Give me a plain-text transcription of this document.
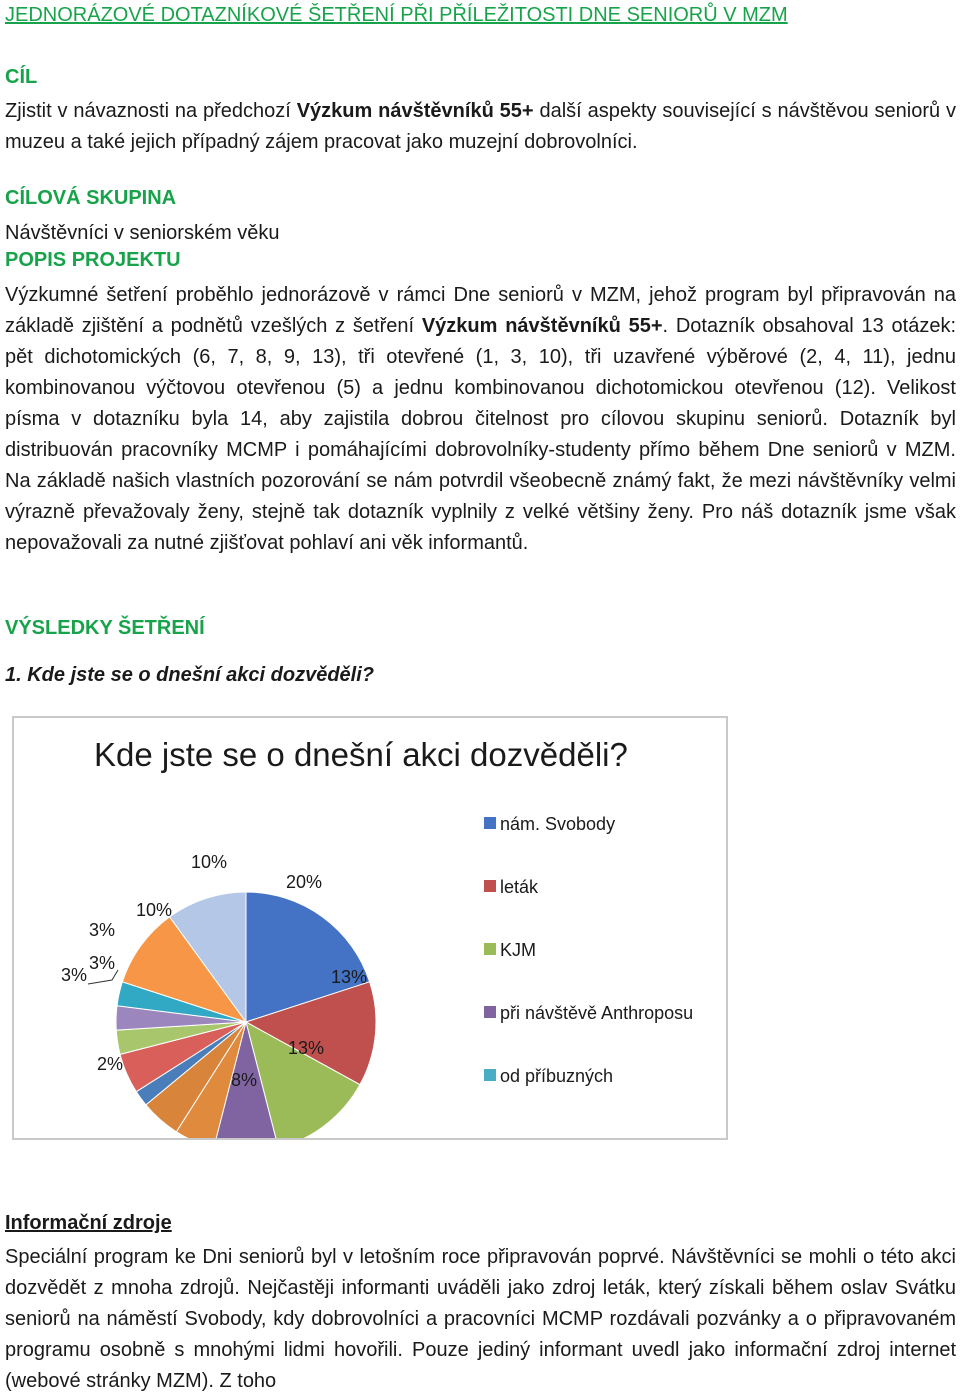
JEDNORÁZOVÉ DOTAZNÍKOVÉ ŠETŘENÍ PŘI PŘÍLEŽITOSTI DNE SENIORŮ V MZM
CÍL

Zjistit v návaznosti na předchozí Výzkum návštěvníků 55+ další aspekty související s návštěvou seniorů v muzeu a také jejich případný zájem pracovat jako muzejní dobrovolníci.

CÍLOVÁ SKUPINA

Návštěvníci v seniorském věku

POPIS PROJEKTU

Výzkumné šetření proběhlo jednorázově v rámci Dne seniorů v MZM, jehož program byl připravován na základě zjištění a podnětů vzešlých z šetření Výzkum návštěvníků 55+. Dotazník obsahoval 13 otázek: pět dichotomických (6, 7, 8, 9, 13), tři otevřené (1, 3, 10), tři uzavřené výběrové (2, 4, 11), jednu kombinovanou výčtovou otevřenou (5) a jednu kombinovanou dichotomickou otevřenou (12). Velikost písma v dotazníku byla 14, aby zajistila dobrou čitelnost pro cílovou skupinu seniorů. Dotazník byl distribuován pracovníky MCMP i pomáhajícími dobrovolníky-studenty přímo během Dne seniorů v MZM. Na základě našich vlastních pozorování se nám potvrdil všeobecně známý fakt, že mezi návštěvníky velmi výrazně převažovaly ženy, stejně tak dotazník vyplnily z velké většiny ženy. Pro náš dotazník jsme však nepovažovali za nutné zjišťovat pohlaví ani věk informantů.

VÝSLEDKY ŠETŘENÍ

1. Kde jste se o dnešní akci dozvěděli?

Kde jste se o dnešní akci dozvěděli?
20%
13%
13%
8%
2%
3%
3%
3%
10%
10%
nám. Svobody
leták
KJM
při návštěvě Anthroposu
od příbuzných
Informační zdroje

Speciální program ke Dni seniorů byl v letošním roce připravován poprvé. Návštěvníci se mohli o této akci dozvědět z mnoha zdrojů. Nejčastěji informanti uváděli jako zdroj leták, který získali během oslav Svátku seniorů na náměstí Svobody, kdy dobrovolníci a pracovníci MCMP rozdávali pozvánky a o připravovaném programu osobně s mnohými lidmi hovořili. Pouze jediný informant uvedl jako informační zdroj internet (webové stránky MZM). Z toho
